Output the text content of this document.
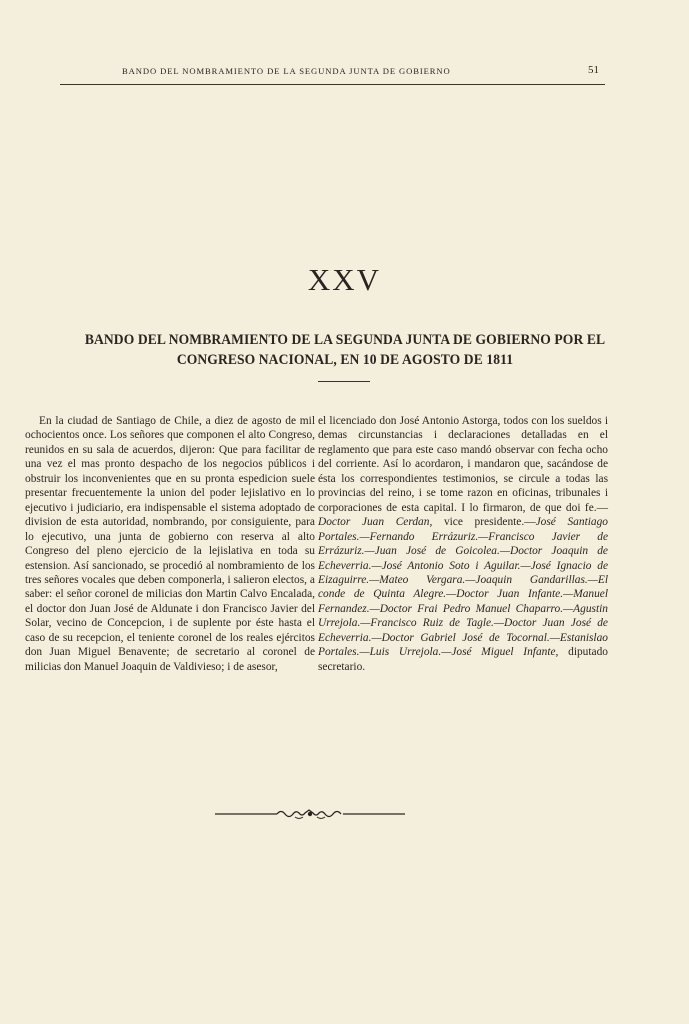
BANDO DEL NOMBRAMIENTO DE LA SEGUNDA JUNTA DE GOBIERNO	51
XXV
BANDO DEL NOMBRAMIENTO DE LA SEGUNDA JUNTA DE GOBIERNO POR EL
CONGRESO NACIONAL, EN 10 DE AGOSTO DE 1811

En la ciudad de Santiago de Chile, a diez de agosto de mil ochocientos once. Los señores que componen el alto Congreso, reunidos en su sala de acuerdos, dijeron: Que para facilitar de una vez el mas pronto despacho de los negocios públicos i obstruir los inconvenientes que en su pronta espedicion suele presentar frecuentemente la union del poder lejislativo en lo ejecutivo i judiciario, era indispensable el sistema adoptado de division de esta autoridad, nombrando, por consiguiente, para lo ejecutivo, una junta de gobierno con reserva al alto Congreso del pleno ejercicio de la lejislativa en toda su estension. Así sancionado, se procedió al nombramiento de los tres señores vocales que deben componerla, i salieron electos, a saber: el señor coronel de milicias don Martin Calvo Encalada, el doctor don Juan José de Aldunate i don Francisco Javier del Solar, vecino de Concepcion, i de suplente por éste hasta el caso de su recepcion, el teniente coronel de los reales ejércitos don Juan Miguel Benavente; de secretario al coronel de milicias don Manuel Joaquin de Valdivieso; i de asesor,

el licenciado don José Antonio Astorga, todos con los sueldos i demas circunstancias i declaraciones detalladas en el reglamento que para este caso mandó observar con fecha ocho del corriente. Así lo acordaron, i mandaron que, sacándose de ésta los correspondientes testimonios, se circule a todas las provincias del reino, i se tome razon en oficinas, tribunales i corporaciones de esta capital. I lo firmaron, de que doi fe.—Doctor Juan Cerdan, vice presidente.—José Santiago Portales.—Fernando Errázuriz.—Francisco Javier de Errázuriz.—Juan José de Goicolea.—Doctor Joaquin de Echeverria.—José Antonio Soto i Aguilar.—José Ignacio de Eizaguirre.—Mateo Vergara.—Joaquin Gandarillas.—El conde de Quinta Alegre.—Doctor Juan Infante.—Manuel Fernandez.—Doctor Frai Pedro Manuel Chaparro.—Agustin Urrejola.—Francisco Ruiz de Tagle.—Doctor Juan José de Echeverria.—Doctor Gabriel José de Tocornal.—Estanislao Portales.—Luis Urrejola.—José Miguel Infante, diputado secretario.
